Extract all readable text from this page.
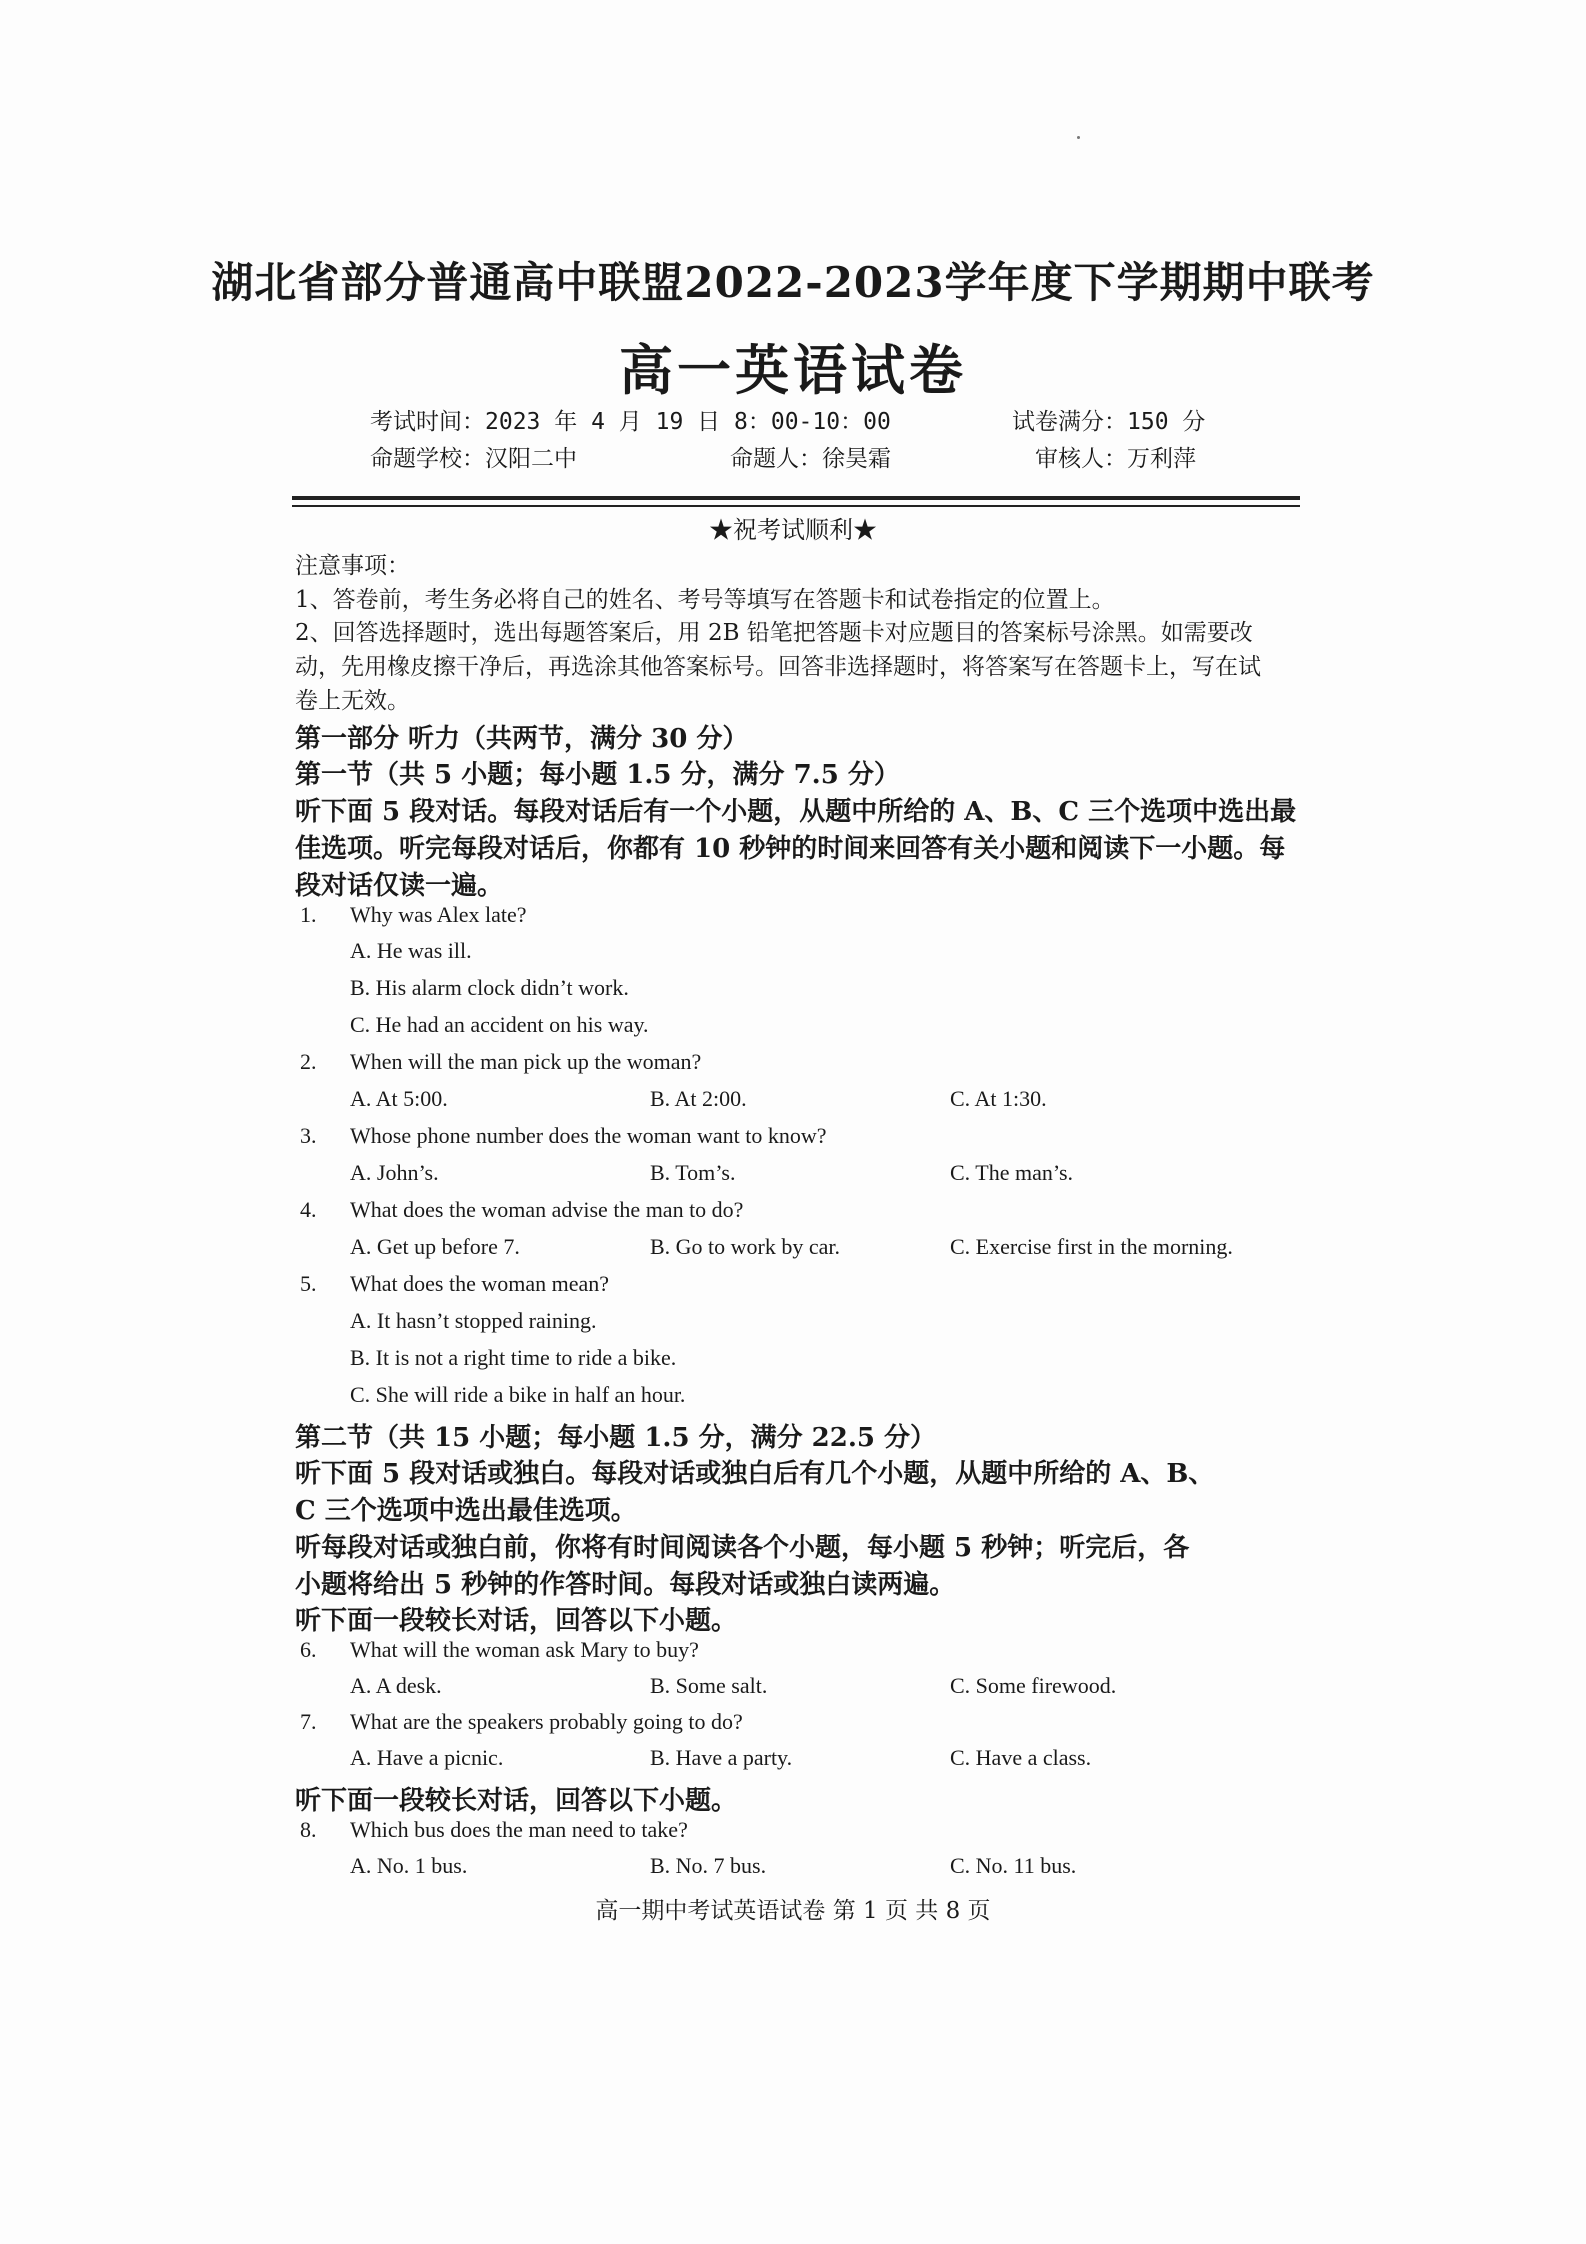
湖北省部分普通高中联盟2022-2023学年度下学期期中联考
高一英语试卷
考试时间：2023 年 4 月 19 日 8：00-10：00	试卷满分：150 分
命题学校：汉阳二中	命题人：徐昊霜	审核人：万利萍
★祝考试顺利★
注意事项：
1、答卷前，考生务必将自己的姓名、考号等填写在答题卡和试卷指定的位置上。
2、回答选择题时，选出每题答案后，用 2B 铅笔把答题卡对应题目的答案标号涂黑。如需要改
动，先用橡皮擦干净后，再选涂其他答案标号。回答非选择题时，将答案写在答题卡上，写在试
卷上无效。
第一部分 听力（共两节，满分 30 分）
第一节（共 5 小题；每小题 1.5 分，满分 7.5 分）
听下面 5 段对话。每段对话后有一个小题，从题中所给的 A、B、C 三个选项中选出最
佳选项。听完每段对话后，你都有 10 秒钟的时间来回答有关小题和阅读下一小题。每
段对话仅读一遍。
1. Why was Alex late?
A. He was ill.
B. His alarm clock didn’t work.
C. He had an accident on his way.
2. When will the man pick up the woman?
A. At 5:00.	B. At 2:00.	C. At 1:30.
3. Whose phone number does the woman want to know?
A. John’s.	B. Tom’s.	C. The man’s.
4. What does the woman advise the man to do?
A. Get up before 7.	B. Go to work by car.	C. Exercise first in the morning.
5. What does the woman mean?
A. It hasn’t stopped raining.
B. It is not a right time to ride a bike.
C. She will ride a bike in half an hour.
第二节（共 15 小题；每小题 1.5 分，满分 22.5 分）
听下面 5 段对话或独白。每段对话或独白后有几个小题，从题中所给的 A、B、
C 三个选项中选出最佳选项。
听每段对话或独白前，你将有时间阅读各个小题，每小题 5 秒钟；听完后，各
小题将给出 5 秒钟的作答时间。每段对话或独白读两遍。
听下面一段较长对话，回答以下小题。
6. What will the woman ask Mary to buy?
A. A desk.	B. Some salt.	C. Some firewood.
7. What are the speakers probably going to do?
A. Have a picnic.	B. Have a party.	C. Have a class.
听下面一段较长对话，回答以下小题。
8. Which bus does the man need to take?
A. No. 1 bus.	B. No. 7 bus.	C. No. 11 bus.
高一期中考试英语试卷 第 1 页 共 8 页
